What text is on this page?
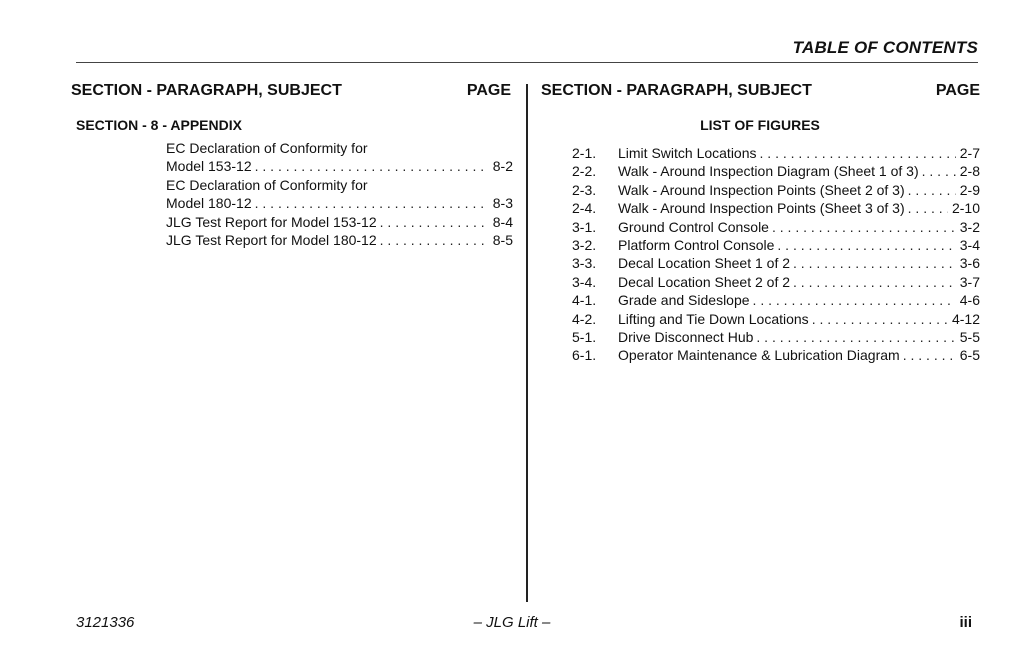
TABLE OF CONTENTS
SECTION - PARAGRAPH, SUBJECT	PAGE SECTION - PARAGRAPH, SUBJECT	PAGE
SECTION - 8 - APPENDIX
EC Declaration of Conformity for
Model 153-12 . . .	8-2
EC Declaration of Conformity for
Model 180-12 . . .	8-3
JLG Test Report for Model 153-12 . . .	8-4
JLG Test Report for Model 180-12 . . .	8-5
LIST OF FIGURES
2-1.	Limit Switch Locations . . .	2-7
2-2.	Walk - Around Inspection Diagram (Sheet 1 of 3) . . .	2-8
2-3.	Walk - Around Inspection Points (Sheet 2 of 3) . . .	2-9
2-4.	Walk - Around Inspection Points (Sheet 3 of 3) . . .	2-10
3-1.	Ground Control Console . . .	3-2
3-2.	Platform Control Console . . .	3-4
3-3.	Decal Location Sheet 1 of 2 . . .	3-6
3-4.	Decal Location Sheet 2 of 2 . . .	3-7
4-1.	Grade and Sideslope . . .	4-6
4-2.	Lifting and Tie Down Locations . . .	4-12
5-1.	Drive Disconnect Hub . . .	5-5
6-1.	Operator Maintenance & Lubrication Diagram . . .	6-5
3121336	– JLG Lift –	iii
